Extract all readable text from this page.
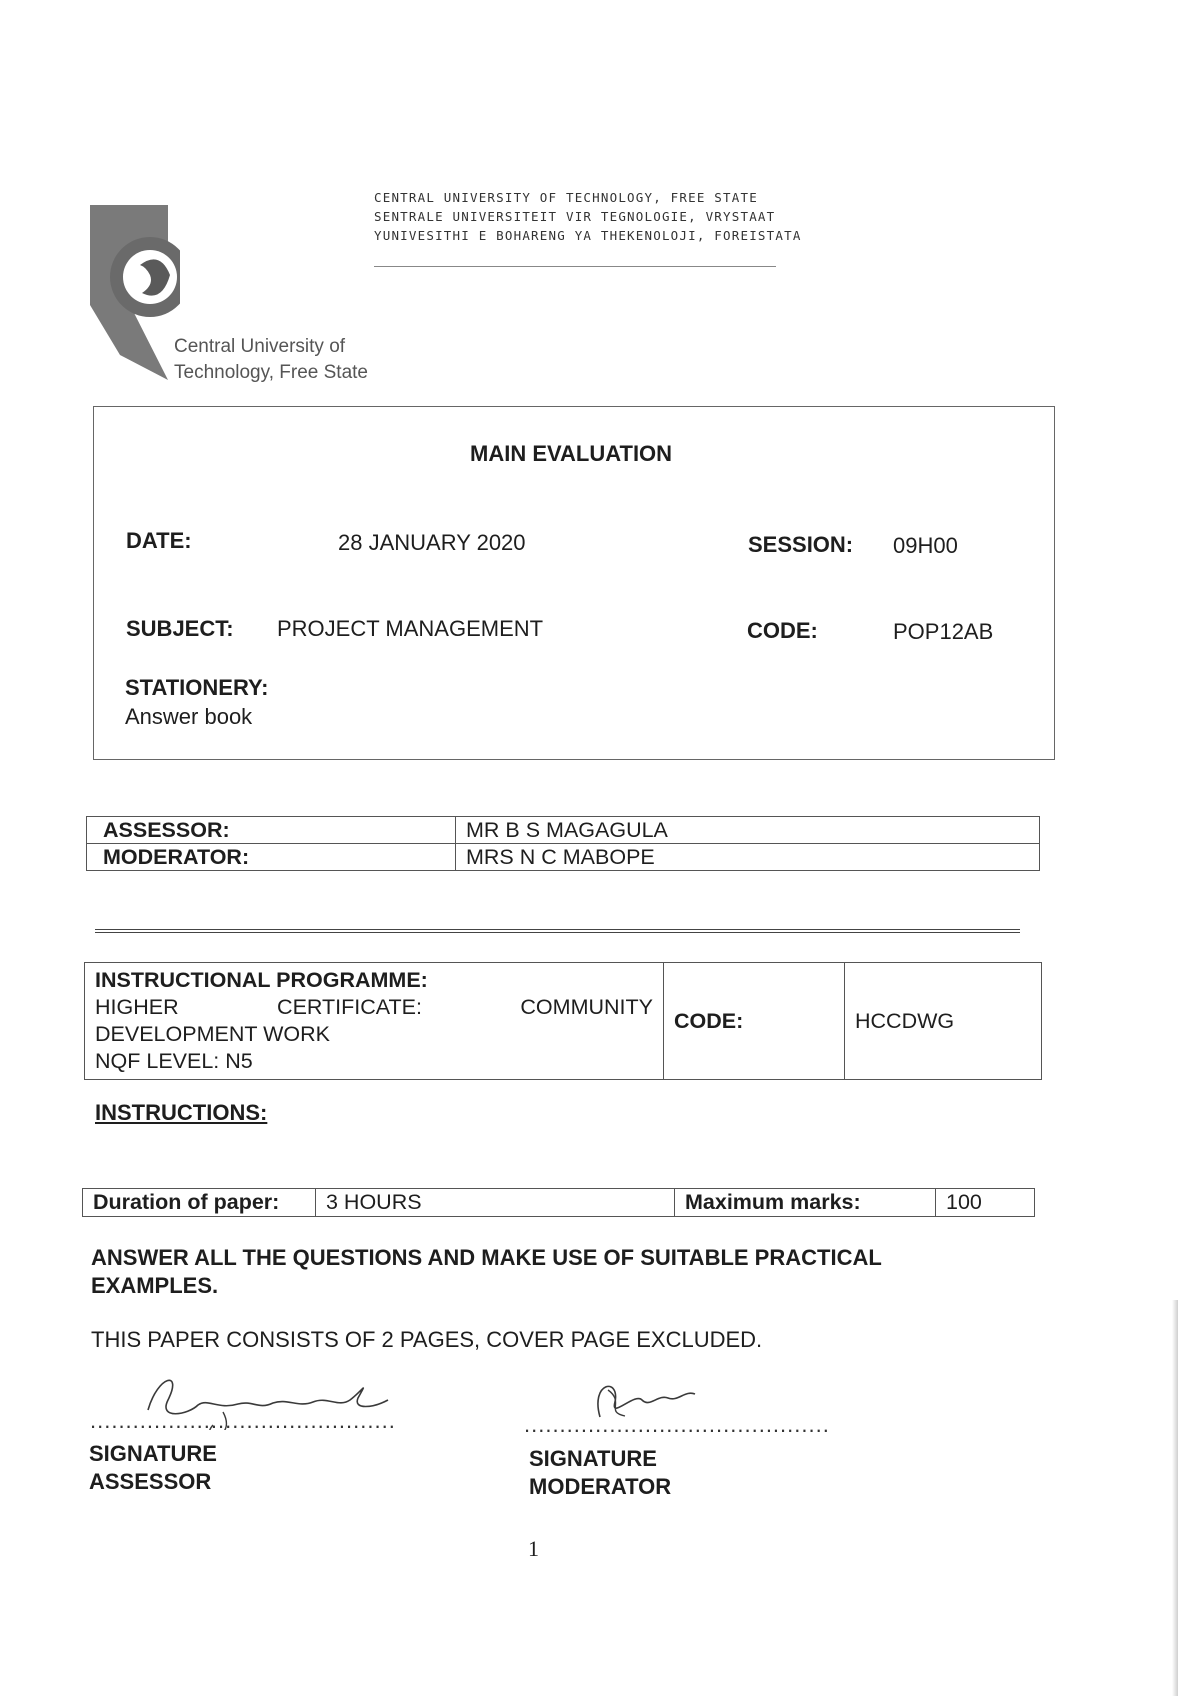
Central University of
Technology, Free State
CENTRAL UNIVERSITY OF TECHNOLOGY, FREE STATE
SENTRALE UNIVERSITEIT VIR TEGNOLOGIE, VRYSTAAT
YUNIVESITHI E BOHARENG YA THEKENOLOJI, FOREISTATA
MAIN EVALUATION
DATE:	28 JANUARY 2020	SESSION: 09H00
SUBJECT: PROJECT MANAGEMENT	CODE:	POP12AB
STATIONERY:
Answer book
ASSESSOR:	MR B S MAGAGULA
MODERATOR:	MRS N C MABOPE
INSTRUCTIONAL PROGRAMME:
HIGHER	CERTIFICATE:	COMMUNITY
DEVELOPMENT WORK
NQF LEVEL: N5
	CODE:	HCCDWG
INSTRUCTIONS:
Duration of paper:	3 HOURS	Maximum marks:	100
ANSWER ALL THE QUESTIONS AND MAKE USE OF SUITABLE PRACTICAL EXAMPLES.
THIS PAPER CONSISTS OF 2 PAGES, COVER PAGE EXCLUDED.
...........................................
SIGNATURE
ASSESSOR
...........................................
SIGNATURE
MODERATOR
1
